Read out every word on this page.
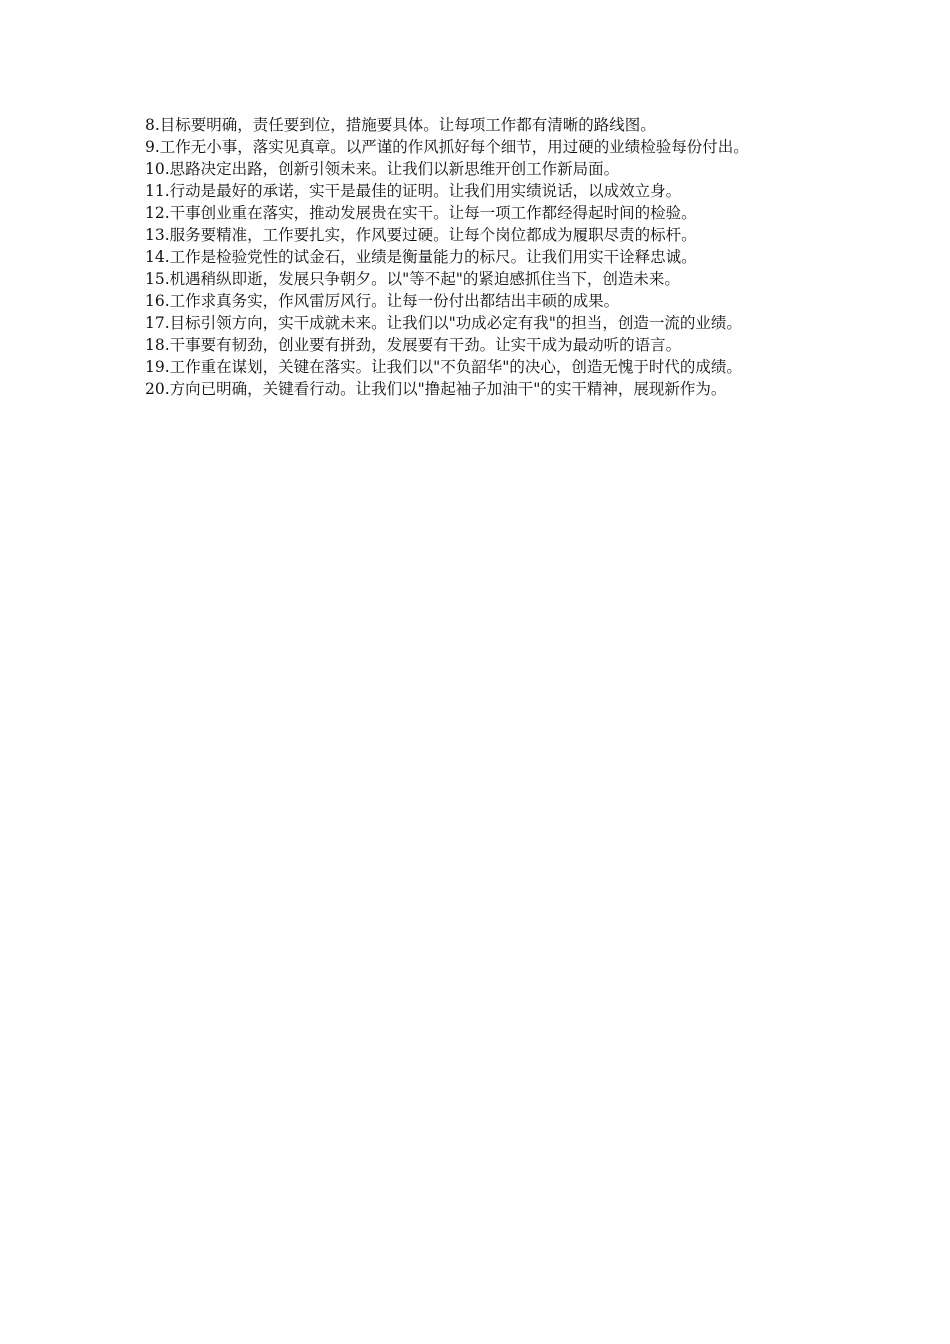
8.目标要明确，责任要到位，措施要具体。让每项工作都有清晰的路线图。

9.工作无小事，落实见真章。以严谨的作风抓好每个细节，用过硬的业绩检验每份付出。

10.思路决定出路，创新引领未来。让我们以新思维开创工作新局面。

11.行动是最好的承诺，实干是最佳的证明。让我们用实绩说话，以成效立身。

12.干事创业重在落实，推动发展贵在实干。让每一项工作都经得起时间的检验。

13.服务要精准，工作要扎实，作风要过硬。让每个岗位都成为履职尽责的标杆。

14.工作是检验党性的试金石，业绩是衡量能力的标尺。让我们用实干诠释忠诚。

15.机遇稍纵即逝，发展只争朝夕。以"等不起"的紧迫感抓住当下，创造未来。

16.工作求真务实，作风雷厉风行。让每一份付出都结出丰硕的成果。

17.目标引领方向，实干成就未来。让我们以"功成必定有我"的担当，创造一流的业绩。

18.干事要有韧劲，创业要有拼劲，发展要有干劲。让实干成为最动听的语言。

19.工作重在谋划，关键在落实。让我们以"不负韶华"的决心，创造无愧于时代的成绩。

20.方向已明确，关键看行动。让我们以"撸起袖子加油干"的实干精神，展现新作为。
